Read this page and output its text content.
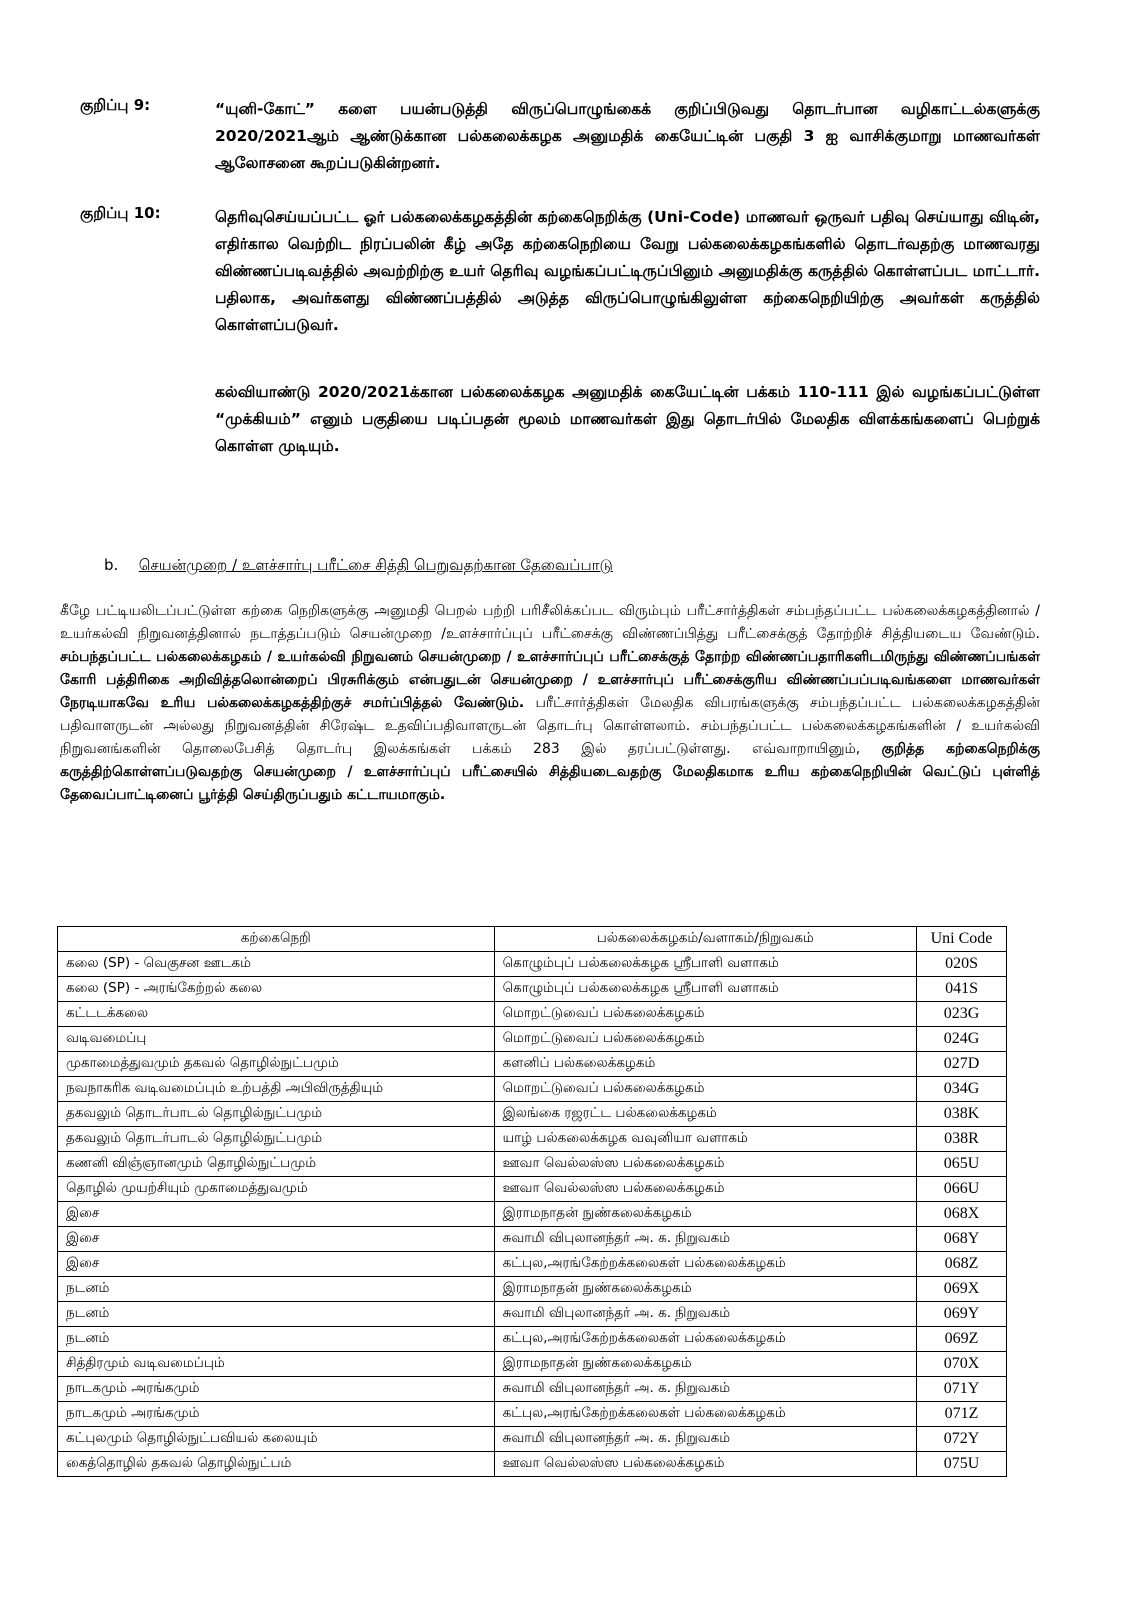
குறிப்பு 9:	“யுனி-கோட்” களை பயன்படுத்தி விருப்பொழுங்கைக் குறிப்பிடுவது தொடர்பான வழிகாட்டல்களுக்கு 2020/2021ஆம் ஆண்டுக்கான பல்கலைக்கழக அனுமதிக் கையேட்டின் பகுதி 3 ஐ வாசிக்குமாறு மாணவர்கள் ஆலோசனை கூறப்படுகின்றனர்.

குறிப்பு 10:	தெரிவுசெய்யப்பட்ட ஓர் பல்கலைக்கழகத்தின் கற்கைநெறிக்கு (Uni-Code) மாணவர் ஒருவர் பதிவு செய்யாது விடின், எதிர்கால வெற்றிட நிரப்பலின் கீழ் அதே கற்கைநெறியை வேறு பல்கலைக்கழகங்களில் தொடர்வதற்கு மாணவரது விண்ணப்படிவத்தில் அவற்றிற்கு உயர் தெரிவு வழங்கப்பட்டிருப்பினும் அனுமதிக்கு கருத்தில் கொள்ளப்பட மாட்டார். பதிலாக, அவர்களது விண்ணப்பத்தில் அடுத்த விருப்பொழுங்கிலுள்ள கற்கைநெறியிற்கு அவர்கள் கருத்தில் கொள்ளப்படுவர்.

கல்வியாண்டு 2020/2021க்கான பல்கலைக்கழக அனுமதிக் கையேட்டின் பக்கம் 110-111 இல் வழங்கப்பட்டுள்ள “முக்கியம்” எனும் பகுதியை படிப்பதன் மூலம் மாணவர்கள் இது தொடர்பில் மேலதிக விளக்கங்களைப் பெற்றுக் கொள்ள முடியும்.

b. செயன்முறை / உளச்சார்பு பரீட்சை சித்தி பெறுவதற்கான தேவைப்பாடு

கீழே பட்டியலிடப்பட்டுள்ள கற்கை நெறிகளுக்கு அனுமதி பெறல் பற்றி பரிசீலிக்கப்பட விரும்பும் பரீட்சார்த்திகள் சம்பந்தப்பட்ட பல்கலைக்கழகத்தினால் / உயர்கல்வி நிறுவனத்தினால் நடாத்தப்படும் செயன்முறை /உளச்சார்ப்புப் பரீட்சைக்கு விண்ணப்பித்து பரீட்சைக்குத் தோற்றிச் சித்தியடைய வேண்டும். சம்பந்தப்பட்ட பல்கலைக்கழகம் / உயர்கல்வி நிறுவனம் செயன்முறை / உளச்சார்ப்புப் பரீட்சைக்குத் தோற்ற விண்ணப்பதாரிகளிடமிருந்து விண்ணப்பங்கள் கோரி பத்திரிகை அறிவித்தலொன்றைப் பிரசுரிக்கும் என்பதுடன் செயன்முறை / உளச்சார்புப் பரீட்சைக்குரிய விண்ணப்பப்படிவங்களை மாணவர்கள் நேரடியாகவே உரிய பல்கலைக்கழகத்திற்குச் சமர்ப்பித்தல் வேண்டும். பரீட்சார்த்திகள் மேலதிக விபரங்களுக்கு சம்பந்தப்பட்ட பல்கலைக்கழகத்தின் பதிவாளருடன் அல்லது நிறுவனத்தின் சிரேஷ்ட உதவிப்பதிவாளருடன் தொடர்பு கொள்ளலாம். சம்பந்தப்பட்ட பல்கலைக்கழகங்களின் / உயர்கல்வி நிறுவனங்களின் தொலைபேசித் தொடர்பு இலக்கங்கள் பக்கம் 283 இல் தரப்பட்டுள்ளது. எவ்வாறாயினும், குறித்த கற்கைநெறிக்கு கருத்திற்கொள்ளப்படுவதற்கு செயன்முறை / உளச்சார்ப்புப் பரீட்சையில் சித்தியடைவதற்கு மேலதிகமாக உரிய கற்கைநெறியின் வெட்டுப் புள்ளித் தேவைப்பாட்டினைப் பூர்த்தி செய்திருப்பதும் கட்டாயமாகும்.

கற்கைநெறி	பல்கலைக்கழகம்/வளாகம்/நிறுவகம்	Uni Code
கலை (SP) - வெகுசன ஊடகம்	கொழும்புப் பல்கலைக்கழக ஸ்ரீபாளி வளாகம்	020S
கலை (SP) - அரங்கேற்றல் கலை	கொழும்புப் பல்கலைக்கழக ஸ்ரீபாளி வளாகம்	041S
கட்டடக்கலை	மொறட்டுவைப் பல்கலைக்கழகம்	023G
வடிவமைப்பு	மொறட்டுவைப் பல்கலைக்கழகம்	024G
முகாமைத்துவமும் தகவல் தொழில்நுட்பமும்	களனிப் பல்கலைக்கழகம்	027D
நவநாகரிக வடிவமைப்பும் உற்பத்தி அபிவிருத்தியும்	மொறட்டுவைப் பல்கலைக்கழகம்	034G
தகவலும் தொடர்பாடல் தொழில்நுட்பமும்	இலங்கை ரஜரட்ட பல்கலைக்கழகம்	038K
தகவலும் தொடர்பாடல் தொழில்நுட்பமும்	யாழ் பல்கலைக்கழக வவுனியா வளாகம்	038R
கணனி விஞ்ஞானமும் தொழில்நுட்பமும்	ஊவா வெல்லஸ்ஸ பல்கலைக்கழகம்	065U
தொழில் முயற்சியும் முகாமைத்துவமும்	ஊவா வெல்லஸ்ஸ பல்கலைக்கழகம்	066U
இசை	இராமநாதன் நுண்கலைக்கழகம்	068X
இசை	சுவாமி விபுலானந்தர் அ. க. நிறுவகம்	068Y
இசை	கட்புல,அரங்கேற்றக்கலைகள் பல்கலைக்கழகம்	068Z
நடனம்	இராமநாதன் நுண்கலைக்கழகம்	069X
நடனம்	சுவாமி விபுலானந்தர் அ. க. நிறுவகம்	069Y
நடனம்	கட்புல,அரங்கேற்றக்கலைகள் பல்கலைக்கழகம்	069Z
சித்திரமும் வடிவமைப்பும்	இராமநாதன் நுண்கலைக்கழகம்	070X
நாடகமும் அரங்கமும்	சுவாமி விபுலானந்தர் அ. க. நிறுவகம்	071Y
நாடகமும் அரங்கமும்	கட்புல,அரங்கேற்றக்கலைகள் பல்கலைக்கழகம்	071Z
கட்புலமும் தொழில்நுட்பவியல் கலையும்	சுவாமி விபுலானந்தர் அ. க. நிறுவகம்	072Y
கைத்தொழில் தகவல் தொழில்நுட்பம்	ஊவா வெல்லஸ்ஸ பல்கலைக்கழகம்	075U
